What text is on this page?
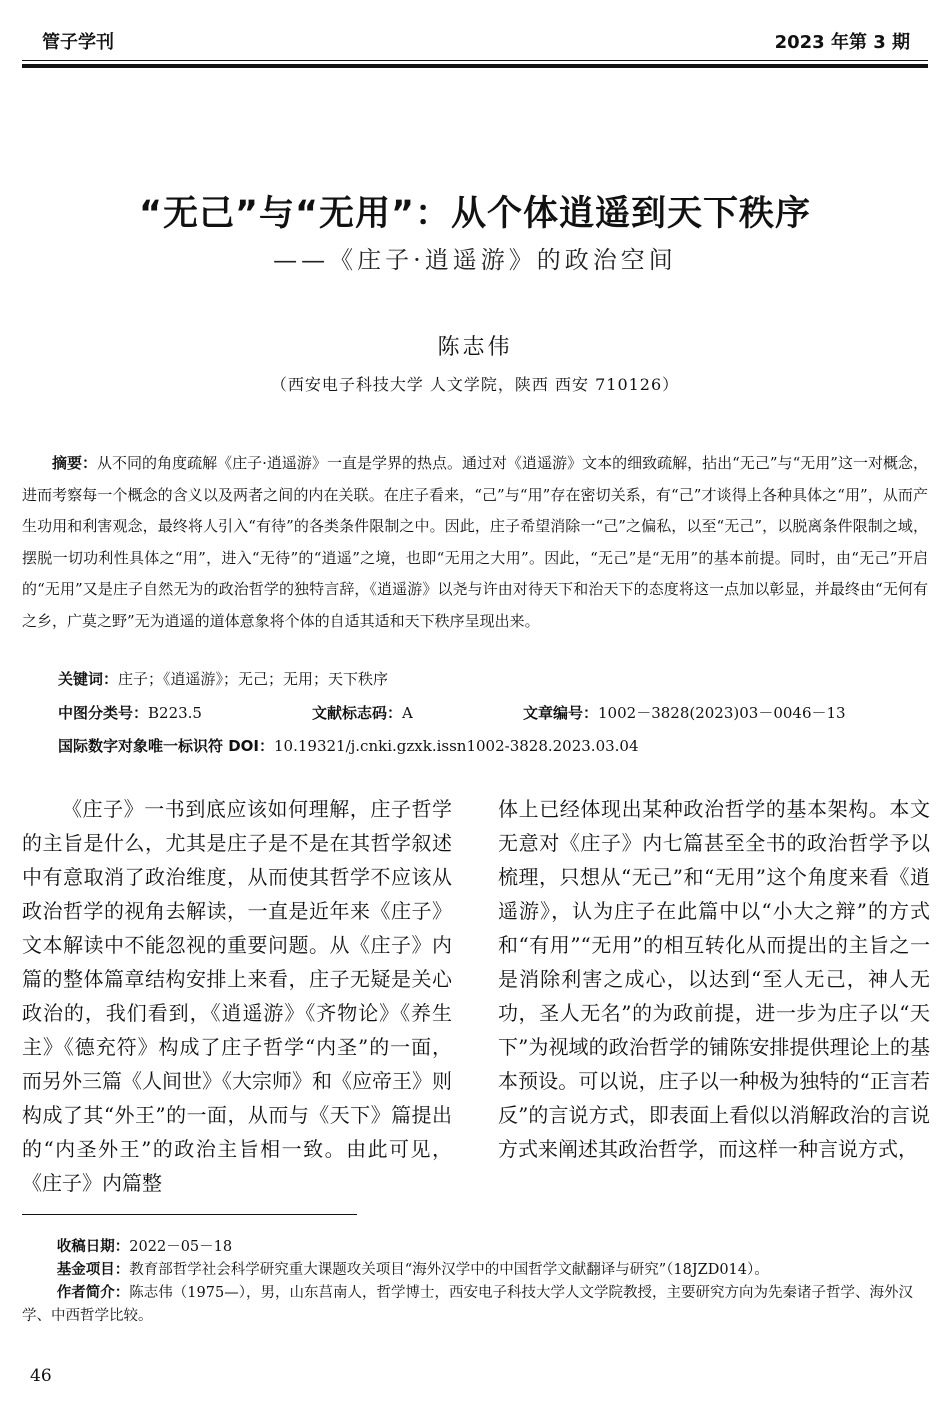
管子学刊	2023 年第 3 期
“无己”与“无用”：从个体逍遥到天下秩序
——《庄子·逍遥游》的政治空间
陈志伟
（西安电子科技大学 人文学院，陕西 西安 710126）
摘要：从不同的角度疏解《庄子·逍遥游》一直是学界的热点。通过对《逍遥游》文本的细致疏解，拈出“无己”与“无用”这一对概念，进而考察每一个概念的含义以及两者之间的内在关联。在庄子看来，“己”与“用”存在密切关系，有“己”才谈得上各种具体之“用”，从而产生功用和利害观念，最终将人引入“有待”的各类条件限制之中。因此，庄子希望消除一“己”之偏私，以至“无己”，以脱离条件限制之域，摆脱一切功利性具体之“用”，进入“无待”的“逍遥”之境，也即“无用之大用”。因此，“无己”是“无用”的基本前提。同时，由“无己”开启的“无用”又是庄子自然无为的政治哲学的独特言辞，《逍遥游》以尧与许由对待天下和治天下的态度将这一点加以彰显，并最终由“无何有之乡，广莫之野”无为逍遥的道体意象将个体的自适其适和天下秩序呈现出来。
关键词：庄子；《逍遥游》；无己；无用；天下秩序
中图分类号：B223.5	文献标志码：A	文章编号：1002－3828(2023)03－0046－13
国际数字对象唯一标识符 DOI：10.19321/j.cnki.gzxk.issn1002-3828.2023.03.04
《庄子》一书到底应该如何理解，庄子哲学的主旨是什么，尤其是庄子是不是在其哲学叙述中有意取消了政治维度，从而使其哲学不应该从政治哲学的视角去解读，一直是近年来《庄子》文本解读中不能忽视的重要问题。从《庄子》内篇的整体篇章结构安排上来看，庄子无疑是关心政治的，我们看到，《逍遥游》《齐物论》《养生主》《德充符》构成了庄子哲学“内圣”的一面，而另外三篇《人间世》《大宗师》和《应帝王》则构成了其“外王”的一面，从而与《天下》篇提出的“内圣外王”的政治主旨相一致。由此可见，《庄子》内篇整
体上已经体现出某种政治哲学的基本架构。本文无意对《庄子》内七篇甚至全书的政治哲学予以梳理，只想从“无己”和“无用”这个角度来看《逍遥游》，认为庄子在此篇中以“小大之辩”的方式和“有用”“无用”的相互转化从而提出的主旨之一是消除利害之成心，以达到“至人无己，神人无功，圣人无名”的为政前提，进一步为庄子以“天下”为视域的政治哲学的铺陈安排提供理论上的基本预设。可以说，庄子以一种极为独特的“正言若反”的言说方式，即表面上看似以消解政治的言说方式来阐述其政治哲学，而这样一种言说方式，

收稿日期：2022－05－18

基金项目：教育部哲学社会科学研究重大课题攻关项目“海外汉学中的中国哲学文献翻译与研究”（18JZD014）。

作者简介：陈志伟（1975—），男，山东莒南人，哲学博士，西安电子科技大学人文学院教授，主要研究方向为先秦诸子哲学、海外汉学、中西哲学比较。

46
